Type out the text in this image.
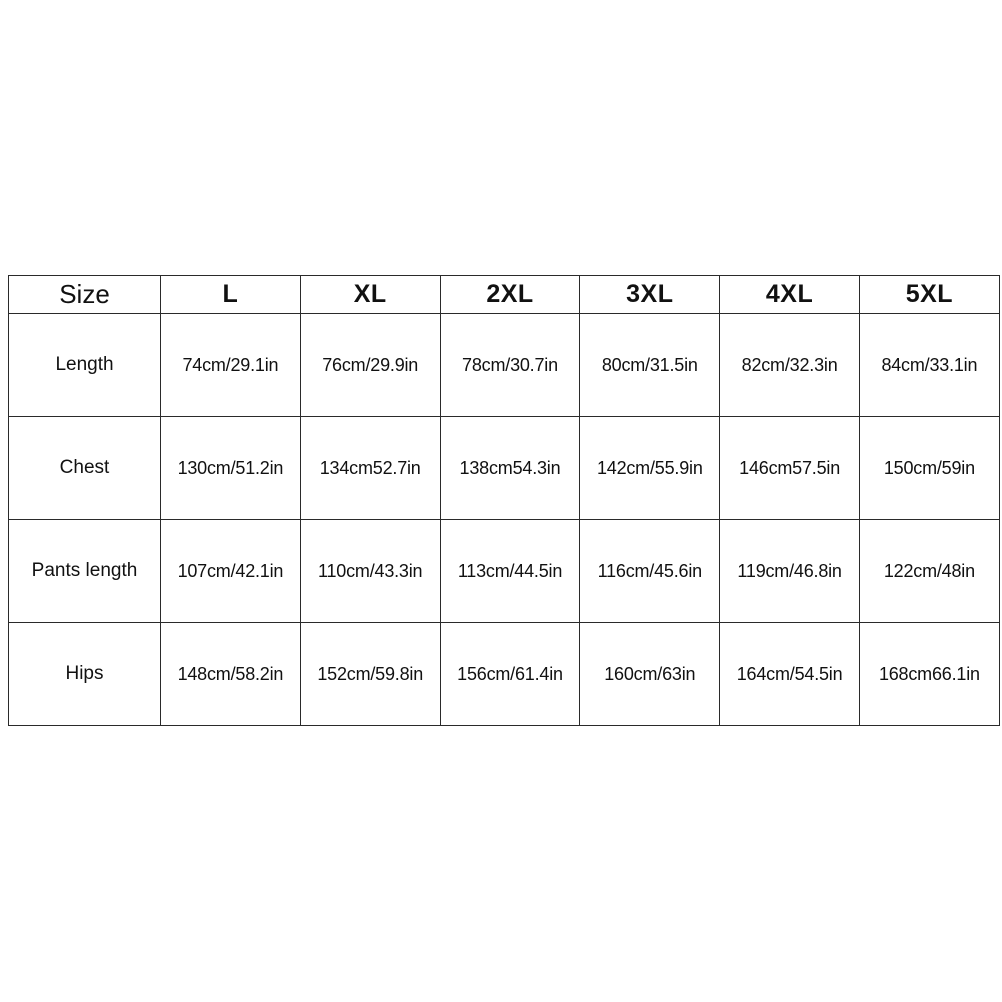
Size	L	XL	2XL	3XL	4XL	5XL
Length	74cm/29.1in	76cm/29.9in	78cm/30.7in	80cm/31.5in	82cm/32.3in	84cm/33.1in
Chest	130cm/51.2in	134cm52.7in	138cm54.3in	142cm/55.9in	146cm57.5in	150cm/59in
Pants length	107cm/42.1in	110cm/43.3in	113cm/44.5in	116cm/45.6in	119cm/46.8in	122cm/48in
Hips	148cm/58.2in	152cm/59.8in	156cm/61.4in	160cm/63in	164cm/54.5in	168cm66.1in
